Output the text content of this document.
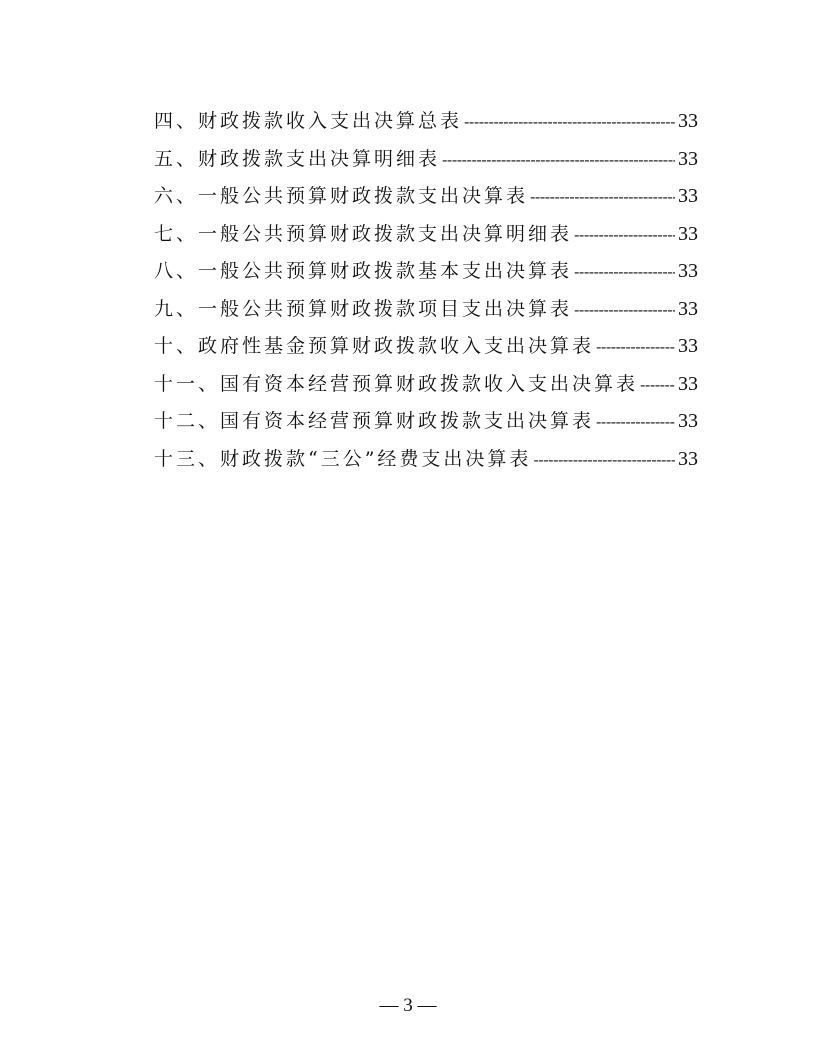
四、财政拨款收入支出决算总表 -----	33
五、财政拨款支出决算明细表 -----	33
六、一般公共预算财政拨款支出决算表 -----	33
七、一般公共预算财政拨款支出决算明细表 -----	33
八、一般公共预算财政拨款基本支出决算表 -----	33
九、一般公共预算财政拨款项目支出决算表 -----	33
十、政府性基金预算财政拨款收入支出决算表 -----	33
十一、国有资本经营预算财政拨款收入支出决算表 ----- 33
十二、国有资本经营预算财政拨款支出决算表 -----	33
十三、财政拨款“三公”经费支出决算表 -----	33
— 3 —
